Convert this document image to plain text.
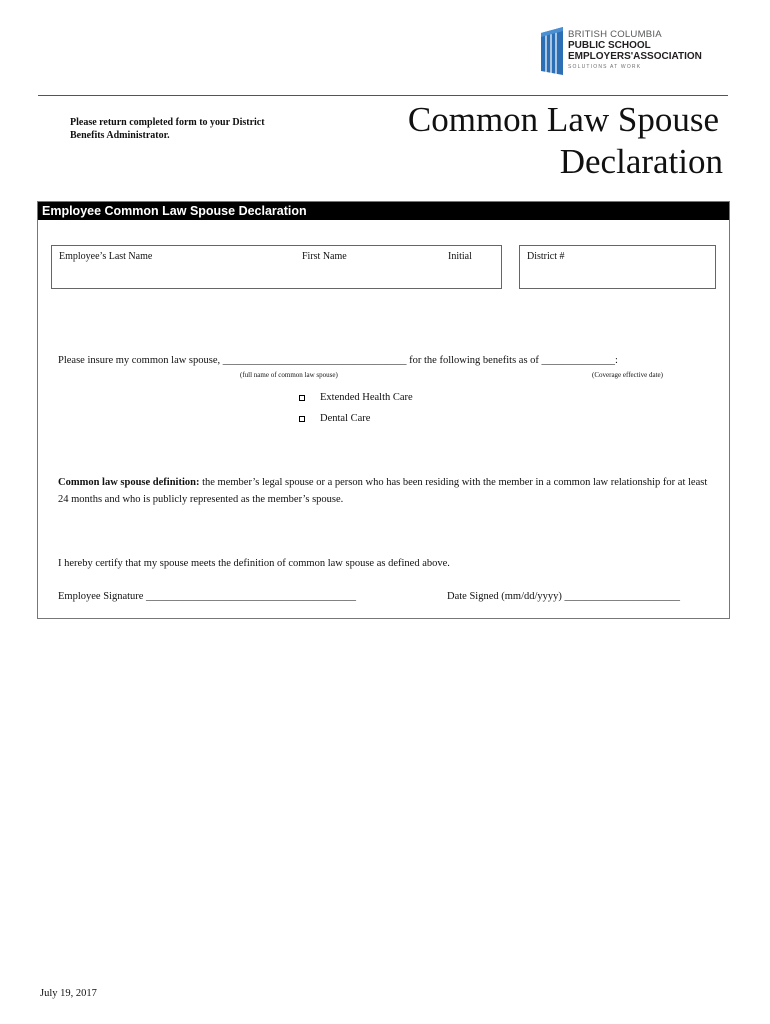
BRITISH COLUMBIA
PUBLIC SCHOOL
EMPLOYERS'ASSOCIATION
SOLUTIONS AT WORK
Please return completed form to your District Benefits Administrator.	Common Law Spouse
Declaration
Employee Common Law Spouse Declaration
Employee’s Last Name	First Name	Initial	District #
Please insure my common law spouse, ___________________________________ for the following benefits as of ______________:
(full name of common law spouse)	(Coverage effective date)
Extended Health Care
Dental Care
Common law spouse definition: the member’s legal spouse or a person who has been residing with the member in a common law relationship for at least 24 months and who is publicly represented as the member’s spouse.
I hereby certify that my spouse meets the definition of common law spouse as defined above.
Employee Signature ________________________________________	Date Signed (mm/dd/yyyy) ______________________
July 19, 2017
